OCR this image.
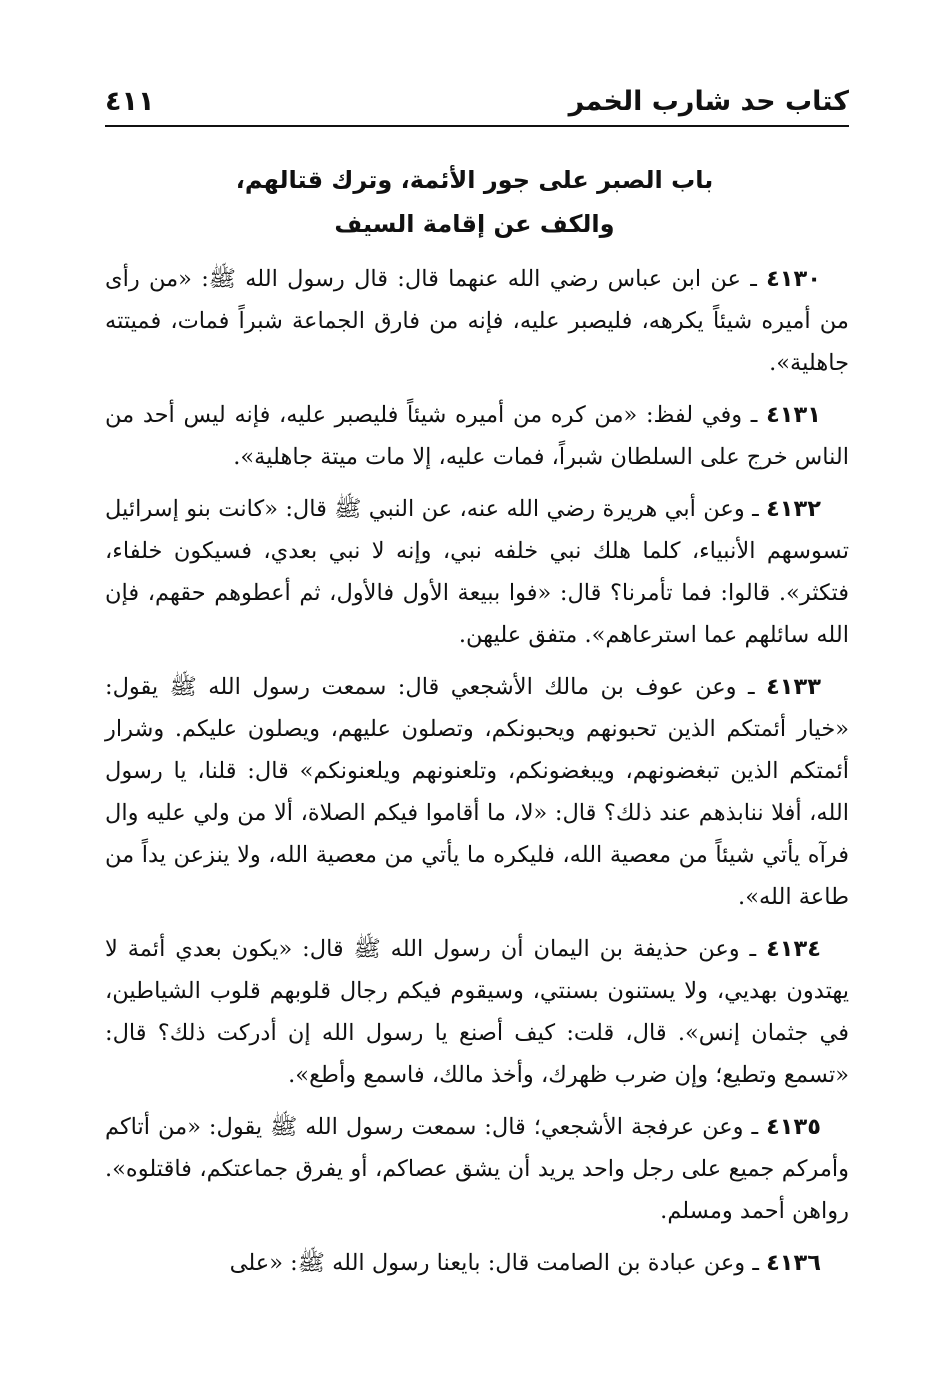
كتاب حد شارب الخمر
٤١١
باب الصبر على جور الأئمة، وترك قتالهم،
والكف عن إقامة السيف

٤١٣٠ ـ عن ابن عباس رضي الله عنهما قال: قال رسول الله ﷺ: «من رأى من أميره شيئاً يكرهه، فليصبر عليه، فإنه من فارق الجماعة شبراً فمات، فميتته جاهلية».

٤١٣١ ـ وفي لفظ: «من كره من أميره شيئاً فليصبر عليه، فإنه ليس أحد من الناس خرج على السلطان شبراً، فمات عليه، إلا مات ميتة جاهلية».

٤١٣٢ ـ وعن أبي هريرة رضي الله عنه، عن النبي ﷺ قال: «كانت بنو إسرائيل تسوسهم الأنبياء، كلما هلك نبي خلفه نبي، وإنه لا نبي بعدي، فسيكون خلفاء، فتكثر». قالوا: فما تأمرنا؟ قال: «فوا ببيعة الأول فالأول، ثم أعطوهم حقهم، فإن الله سائلهم عما استرعاهم». متفق عليهن.

٤١٣٣ ـ وعن عوف بن مالك الأشجعي قال: سمعت رسول الله ﷺ يقول: «خيار أئمتكم الذين تحبونهم ويحبونكم، وتصلون عليهم، ويصلون عليكم. وشرار أئمتكم الذين تبغضونهم، ويبغضونكم، وتلعنونهم ويلعنونكم» قال: قلنا، يا رسول الله، أفلا ننابذهم عند ذلك؟ قال: «لا، ما أقاموا فيكم الصلاة، ألا من ولي عليه وال فرآه يأتي شيئاً من معصية الله، فليكره ما يأتي من معصية الله، ولا ينزعن يداً من طاعة الله».

٤١٣٤ ـ وعن حذيفة بن اليمان أن رسول الله ﷺ قال: «يكون بعدي أئمة لا يهتدون بهديي، ولا يستنون بسنتي، وسيقوم فيكم رجال قلوبهم قلوب الشياطين، في جثمان إنس». قال، قلت: كيف أصنع يا رسول الله إن أدركت ذلك؟ قال: «تسمع وتطيع؛ وإن ضرب ظهرك، وأخذ مالك، فاسمع وأطع».

٤١٣٥ ـ وعن عرفجة الأشجعي؛ قال: سمعت رسول الله ﷺ يقول: «من أتاكم وأمركم جميع على رجل واحد يريد أن يشق عصاكم، أو يفرق جماعتكم، فاقتلوه». رواهن أحمد ومسلم.

٤١٣٦ ـ وعن عبادة بن الصامت قال: بايعنا رسول الله ﷺ: «على
